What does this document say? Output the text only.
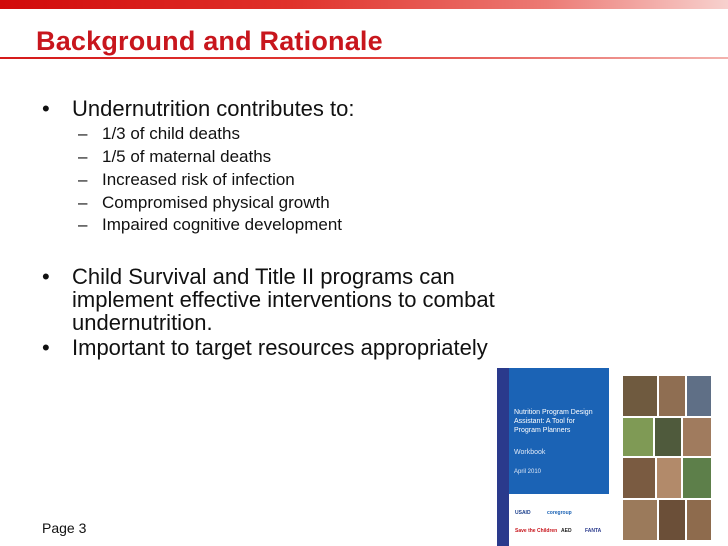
Background and Rationale
• Undernutrition contributes to:
– 1/3 of child deaths
– 1/5 of maternal deaths
– Increased risk of infection
– Compromised physical growth
– Impaired cognitive development
• Child Survival and Title II programs can
implement effective interventions to combat
undernutrition.
• Important to target resources appropriately
Page 3
Nutrition Program Design
Assistant: A Tool for
Program Planners
Workbook
April 2010
USAID	coregroup
Save the Children AED	FANTA
